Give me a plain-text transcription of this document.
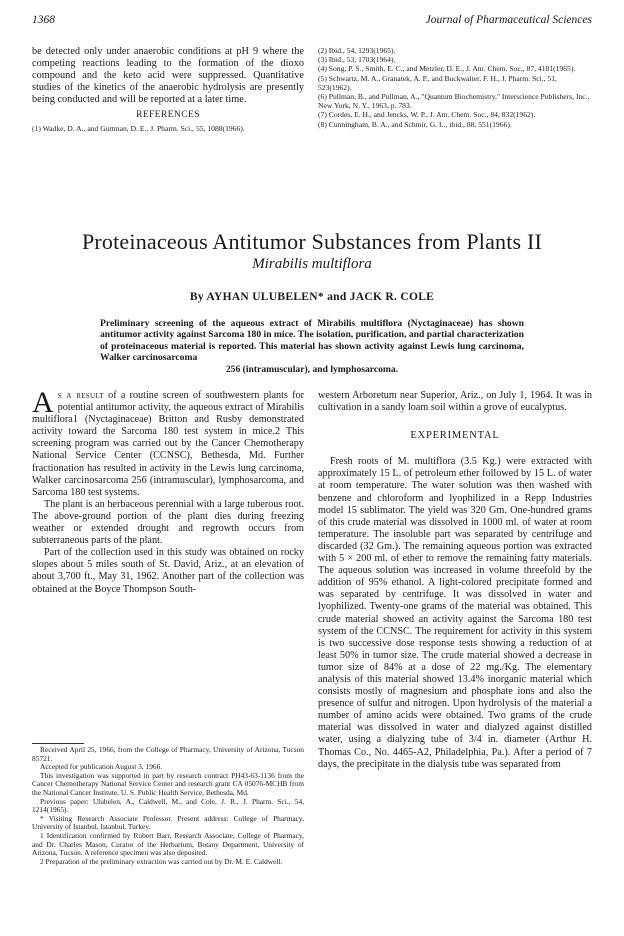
1368	Journal of Pharmaceutical Sciences
be detected only under anaerobic conditions at pH 9 where the competing reactions leading to the formation of the dioxo compound and the keto acid were suppressed. Quantitative studies of the kinetics of the anaerobic hydrolysis are presently being conducted and will be reported at a later time.
REFERENCES
(1) Wadke, D. A., and Guttman, D. E., J. Pharm. Sci., 55, 1088(1966).

(2) Ibid., 54, 1293(1965).

(3) Ibid., 53, 1703(1964).

(4) Song, P. S., Smith, E. C., and Metzler, D. E., J. Am. Chem. Soc., 87, 4181(1965).

(5) Schwartz, M. A., Granatek, A. P., and Buckwalter, F. H., J. Pharm. Sci., 51, 523(1962).

(6) Pullman, B., and Pullman, A., "Quantum Biochemistry," Interscience Publishers, Inc., New York, N. Y., 1963, p. 783.

(7) Cordes, E. H., and Jencks, W. P., J. Am. Chem. Soc., 84, 832(1962).

(8) Cunningham, B. A., and Schmir, G. L., ibid., 88, 551(1966).

Proteinaceous Antitumor Substances from Plants II
Mirabilis multiflora
By AYHAN ULUBELEN* and JACK R. COLE
Preliminary screening of the aqueous extract of Mirabilis multiflora (Nyctaginaceae) has shown antitumor activity against Sarcoma 180 in mice. The isolation, purification, and partial characterization of proteinaceous material is reported. This material has shown activity against Lewis lung carcinoma, Walker carcinosarcoma
256 (intramuscular), and lymphosarcoma.

As a result of a routine screen of southwestern plants for potential antitumor activity, the aqueous extract of Mirabilis multiflora1 (Nyctaginaceae) Britton and Rusby demonstrated activity toward the Sarcoma 180 test system in mice.2 This screening program was carried out by the Cancer Chemotherapy National Service Center (CCNSC), Bethesda, Md. Further fractionation has resulted in activity in the Lewis lung carcinoma, Walker carcinosarcoma 256 (intramuscular), lymphosarcoma, and Sarcoma 180 test systems.

The plant is an herbaceous perennial with a large tuberous root. The above-ground portion of the plant dies during freezing weather or extended drought and regrowth occurs from subterraneous parts of the plant.

Part of the collection used in this study was obtained on rocky slopes about 5 miles south of St. David, Ariz., at an elevation of about 3,700 ft., May 31, 1962. Another part of the collection was obtained at the Boyce Thompson South-

Received April 25, 1966, from the College of Pharmacy, University of Arizona, Tucson 85721.

Accepted for publication August 3, 1966.

This investigation was supported in part by research contract PH43-63-1136 from the Cancer Chemotherapy National Service Center and research grant CA 05076-MCHB from the National Cancer Institute, U. S. Public Health Service, Bethesda, Md.

Previous paper: Ulubelen, A., Caldwell, M., and Cole, J. R., J. Pharm. Sci., 54, 1214(1965).

* Visiting Research Associate Professor. Present address: College of Pharmacy, University of Istanbul, Istanbul, Turkey.

1 Identification confirmed by Robert Barr, Research Associate, College of Pharmacy, and Dr. Charles Mason, Curator of the Herbarium, Botany Department, University of Arizona, Tucson. A reference specimen was also deposited.

2 Preparation of the preliminary extraction was carried out by Dr. M. E. Caldwell.

western Arboretum near Superior, Ariz., on July 1, 1964. It was in cultivation in a sandy loam soil within a grove of eucalyptus.

EXPERIMENTAL

Fresh roots of M. multiflora (3.5 Kg.) were extracted with approximately 15 L. of petroleum ether followed by 15 L. of water at room temperature. The water solution was then washed with benzene and chloroform and lyophilized in a Repp Industries model 15 sublimator. The yield was 320 Gm. One-hundred grams of this crude material was dissolved in 1000 ml. of water at room temperature. The insoluble part was separated by centrifuge and discarded (32 Gm.). The remaining aqueous portion was extracted with 5 × 200 ml. of ether to remove the remaining fatty materials. The aqueous solution was increased in volume threefold by the addition of 95% ethanol. A light-colored precipitate formed and was separated by centrifuge. It was dissolved in water and lyophilized. Twenty-one grams of the material was obtained. This crude material showed an activity against the Sarcoma 180 test system of the CCNSC. The requirement for activity in this system is two successive dose response tests showing a reduction of at least 50% in tumor size. The crude material showed a decrease in tumor size of 84% at a dose of 22 mg./Kg. The elementary analysis of this material showed 13.4% inorganic material which consists mostly of magnesium and phosphate ions and also the presence of sulfur and nitrogen. Upon hydrolysis of the material a number of amino acids were obtained. Two grams of the crude material was dissolved in water and dialyzed against distilled water, using a dialyzing tube of 3/4 in. diameter (Arthur H. Thomas Co., No. 4465-A2, Philadelphia, Pa.). After a period of 7 days, the precipitate in the dialysis tube was separated from
